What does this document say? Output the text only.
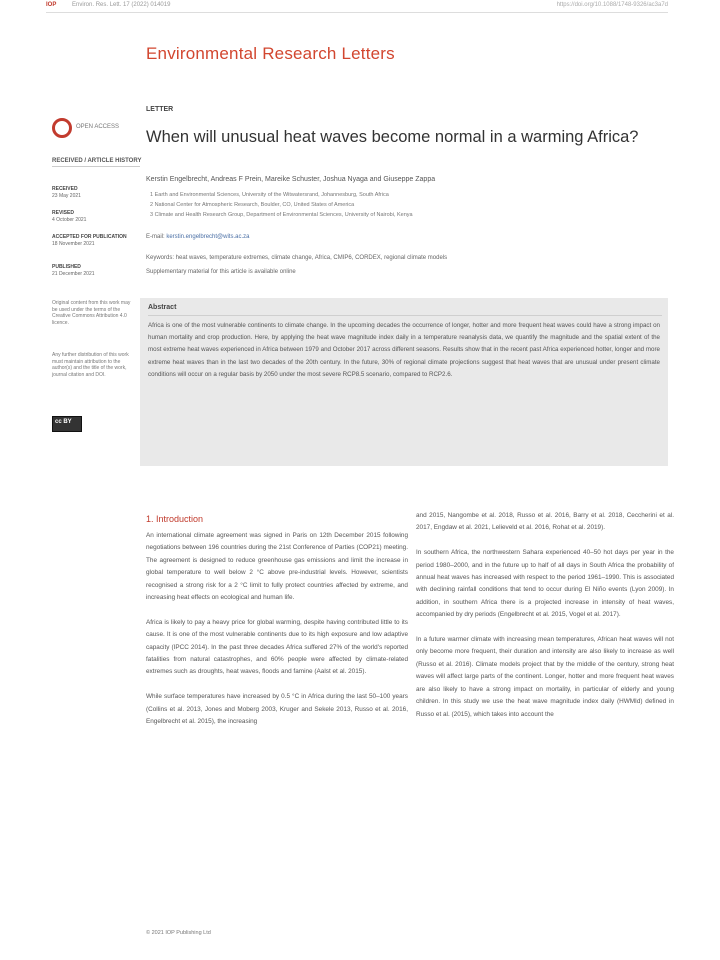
IOP	Environ. Res. Lett. 17 (2022) 014019	https://doi.org/10.1088/1748-9326/ac3a7d
Environmental Research Letters
OPEN ACCESS
RECEIVED / ARTICLE HISTORY
RECEIVED
23 May 2021
REVISED
4 October 2021
ACCEPTED FOR PUBLICATION
18 November 2021
PUBLISHED
21 December 2021
Original content from this work may be used under the terms of the Creative Commons Attribution 4.0 licence.
Any further distribution of this work must maintain attribution to the author(s) and the title of the work, journal citation and DOI.
cc BY
LETTER
When will unusual heat waves become normal in a warming Africa?
Kerstin Engelbrecht, Andreas F Prein, Mareike Schuster, Joshua Nyaga and Giuseppe Zappa
1 Earth and Environmental Sciences, University of the Witwatersrand, Johannesburg, South Africa
2 National Center for Atmospheric Research, Boulder, CO, United States of America
3 Climate and Health Research Group, Department of Environmental Sciences, University of Nairobi, Kenya
E-mail: kerstin.engelbrecht@wits.ac.za
Keywords: heat waves, temperature extremes, climate change, Africa, CMIP6, CORDEX, regional climate models
Supplementary material for this article is available online
Abstract
Africa is one of the most vulnerable continents to climate change. In the upcoming decades the occurrence of longer, hotter and more frequent heat waves could have a strong impact on human mortality and crop production. Here, by applying the heat wave magnitude index daily in a temperature reanalysis data, we quantify the magnitude and the spatial extent of the most extreme heat waves experienced in Africa between 1979 and October 2017 across different seasons. Results show that in the recent past Africa experienced hotter, longer and more extreme heat waves than in the last two decades of the 20th century. In the future, 30% of regional climate projections suggest that heat waves that are unusual under present climate conditions will occur on a regular basis by 2050 under the most severe RCP8.5 scenario, compared to RCP2.6.
1. Introduction
An international climate agreement was signed in Paris on 12th December 2015 following negotiations between 196 countries during the 21st Conference of Parties (COP21) meeting. The agreement is designed to reduce greenhouse gas emissions and limit the increase in global temperature to well below 2 °C above pre-industrial levels. However, scientists recognised a strong risk for a 2 °C limit to fully protect countries affected by extreme, and increasing heat effects on ecological and human life.

Africa is likely to pay a heavy price for global warming, despite having contributed little to its cause. It is one of the most vulnerable continents due to its high exposure and low adaptive capacity (IPCC 2014). In the past three decades Africa suffered 27% of the world's reported fatalities from natural catastrophes, and 60% people were affected by climate-related extremes such as droughts, heat waves, floods and famine (Aalst et al. 2015).

While surface temperatures have increased by 0.5 °C in Africa during the last 50–100 years (Collins et al. 2013, Jones and Moberg 2003, Kruger and Sekele 2013, Russo et al. 2016, Engelbrecht et al. 2015), the increasing
and 2015, Nangombe et al. 2018, Russo et al. 2016, Barry et al. 2018, Ceccherini et al. 2017, Engdaw et al. 2021, Lelieveld et al. 2016, Rohat et al. 2019).

In southern Africa, the northwestern Sahara experienced 40–50 hot days per year in the period 1980–2000, and in the future up to half of all days in South Africa the probability of annual heat waves has increased with respect to the period 1961–1990. This is associated with declining rainfall conditions that tend to occur during El Niño events (Lyon 2009). In addition, in southern Africa there is a projected increase in intensity of heat waves, accompanied by dry periods (Engelbrecht et al. 2015, Vogel et al. 2017).

In a future warmer climate with increasing mean temperatures, African heat waves will not only become more frequent, their duration and intensity are also likely to increase as well (Russo et al. 2016). Climate models project that by the middle of the century, strong heat waves will affect large parts of the continent. Longer, hotter and more frequent heat waves are also likely to have a strong impact on mortality, in particular of elderly and young children. In this study we use the heat wave magnitude index daily (HWMId) defined in Russo et al. (2015), which takes into account the
© 2021 IOP Publishing Ltd
